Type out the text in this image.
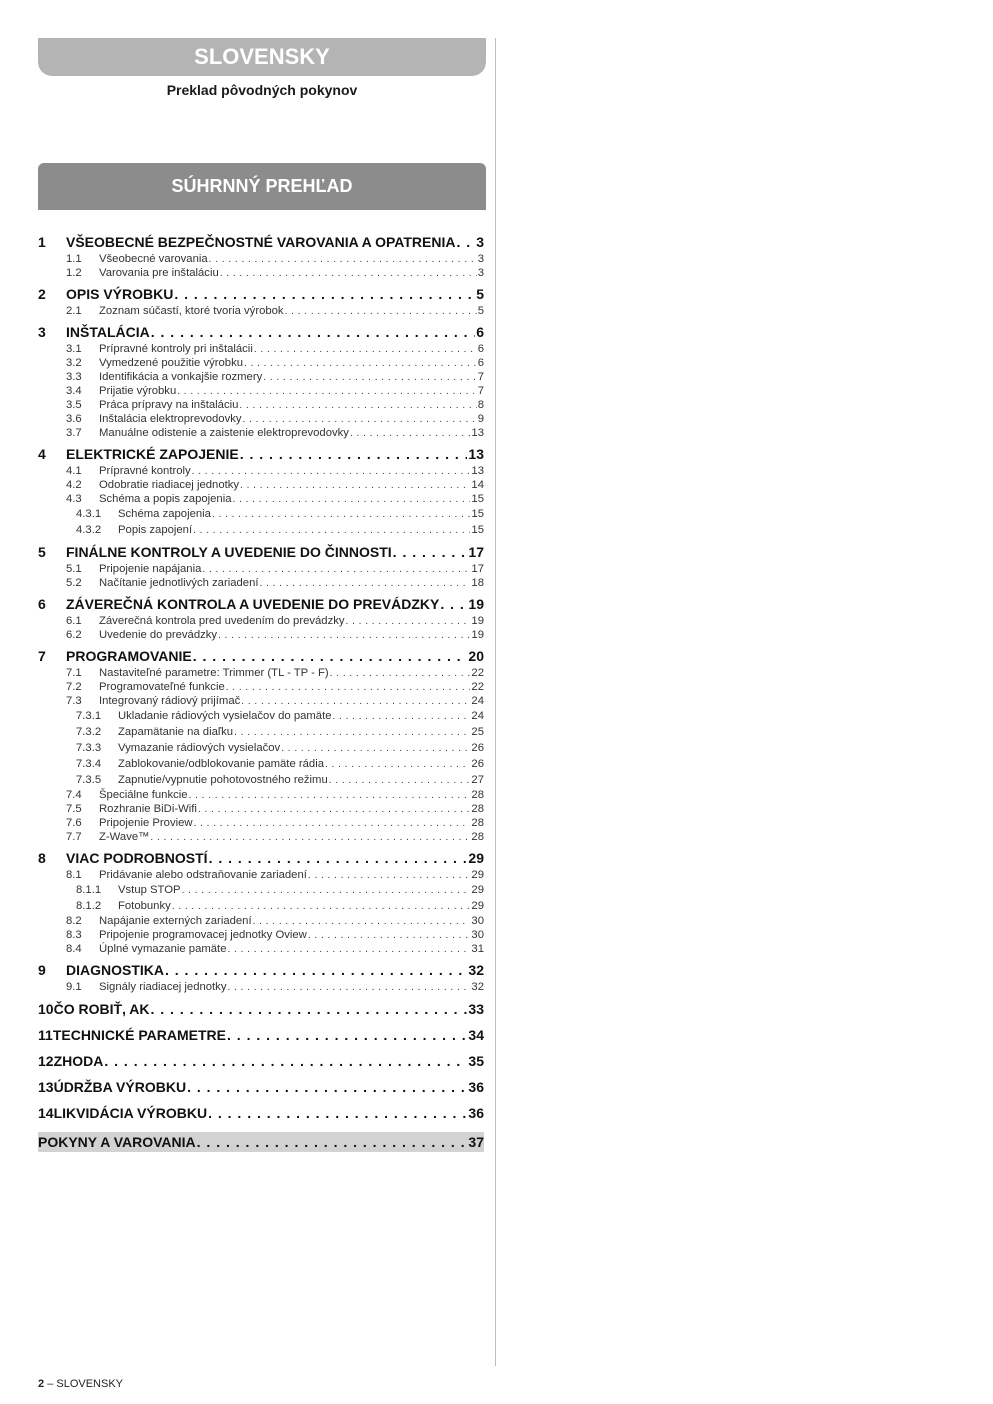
SLOVENSKY
Preklad pôvodných pokynov
SÚHRNNÝ PREHĽAD
1	VŠEOBECNÉ BEZPEČNOSTNÉ VAROVANIA A OPATRENIA . . . 3
1.1	Všeobecné varovania . . .	3
1.2	Varovania pre inštaláciu . . .	3
2	OPIS VÝROBKU . . .	5
2.1	Zoznam súčastí, ktoré tvoria výrobok . . .	5
3	INŠTALÁCIA . . .	6
3.1	Prípravné kontroly pri inštalácii . . .	6
3.2	Vymedzené použitie výrobku . . .	6
3.3	Identifikácia a vonkajšie rozmery . . .	7
3.4	Prijatie výrobku . . .	7
3.5	Práca prípravy na inštaláciu . . .	8
3.6	Inštalácia elektroprevodovky . . .	9
3.7	Manuálne odistenie a zaistenie elektroprevodovky . . .	13
4	ELEKTRICKÉ ZAPOJENIE . . .	13
4.1	Prípravné kontroly . . .	13
4.2	Odobratie riadiacej jednotky . . .	14
4.3	Schéma a popis zapojenia . . .	15
4.3.1	Schéma zapojenia . . .	15
4.3.2	Popis zapojení . . .	15
5	FINÁLNE KONTROLY A UVEDENIE DO ČINNOSTI . . .	17
5.1	Pripojenie napájania . . .	17
5.2	Načítanie jednotlivých zariadení . . .	18
6	ZÁVEREČNÁ KONTROLA A UVEDENIE DO PREVÁDZKY . . . 19
6.1	Záverečná kontrola pred uvedením do prevádzky . . .	19
6.2	Uvedenie do prevádzky . . .	19
7	PROGRAMOVANIE . . .	20
7.1	Nastaviteľné parametre: Trimmer (TL - TP - F) . . .	22
7.2	Programovateľné funkcie . . .	22
7.3	Integrovaný rádiový prijímač . . .	24
7.3.1	Ukladanie rádiových vysielačov do pamäte . . .	24
7.3.2	Zapamätanie na diaľku . . .	25
7.3.3	Vymazanie rádiových vysielačov . . .	26
7.3.4	Zablokovanie/odblokovanie pamäte rádia . . .	26
7.3.5	Zapnutie/vypnutie pohotovostného režimu . . .	27
7.4	Špeciálne funkcie . . .	28
7.5	Rozhranie BiDi-Wifi . . .	28
7.6	Pripojenie Proview . . .	28
7.7	Z-Wave™ . . .	28
8	VIAC PODROBNOSTÍ . . .	29
8.1	Pridávanie alebo odstraňovanie zariadení . . .	29
8.1.1	Vstup STOP . . .	29
8.1.2	Fotobunky . . .	29
8.2	Napájanie externých zariadení . . .	30
8.3	Pripojenie programovacej jednotky Oview . . .	30
8.4	Úplné vymazanie pamäte . . .	31
9	DIAGNOSTIKA . . .	32
9.1	Signály riadiacej jednotky . . .	32
10 ČO ROBIŤ, AK . . .	33
11 TECHNICKÉ PARAMETRE . . .	34
12 ZHODA . . .	35
13 ÚDRŽBA VÝROBKU . . .	36
14 LIKVIDÁCIA VÝROBKU . . .	36
POKYNY A VAROVANIA . . .	37
2 – SLOVENSKY
